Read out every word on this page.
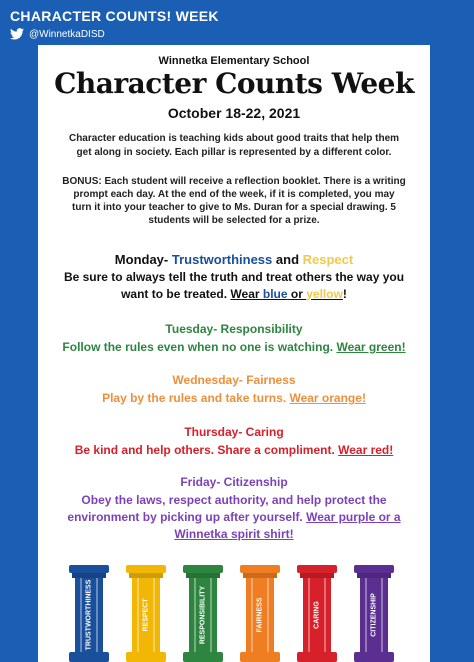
CHARACTER COUNTS! WEEK
@WinnetkaDISD
Winnetka Elementary School
Character Counts Week
October 18-22, 2021
Character education is teaching kids about good traits that help them
get along in society. Each pillar is represented by a different color.
BONUS: Each student will receive a reflection booklet. There is a writing
prompt each day. At the end of the week, if it is completed, you may
turn it into your teacher to give to Ms. Duran for a special drawing. 5
students will be selected for a prize.
Monday- Trustworthiness and Respect
Be sure to always tell the truth and treat others the way you
want to be treated. Wear blue or yellow!
Tuesday- Responsibility
Follow the rules even when no one is watching. Wear green!
Wednesday- Fairness
Play by the rules and take turns. Wear orange!
Thursday- Caring
Be kind and help others. Share a compliment. Wear red!
Friday- Citizenship
Obey the laws, respect authority, and help protect the
environment by picking up after yourself. Wear purple or a
Winnetka spirit shirt!
TRUSTWORTHINESS	RESPECT	RESPONSIBILITY	FAIRNESS	CARING	CITIZENSHIP
